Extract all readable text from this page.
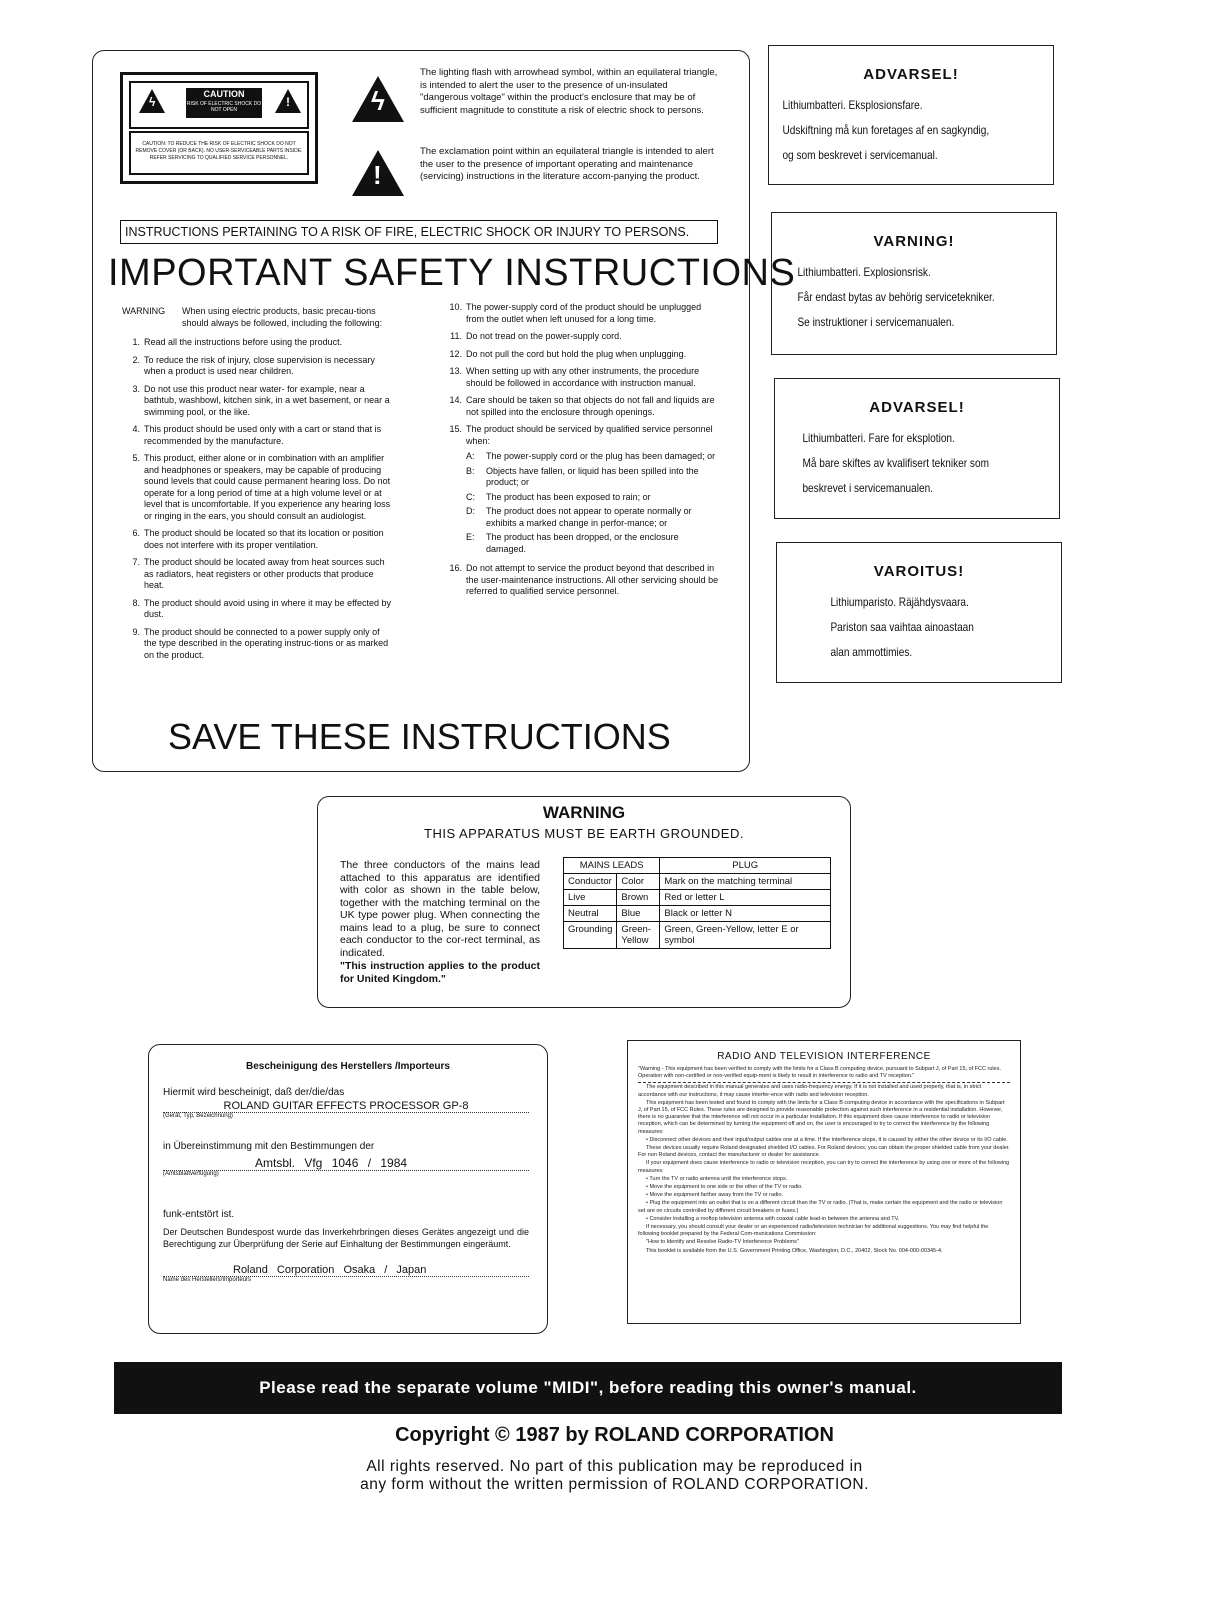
ϟ
CAUTION
RISK OF ELECTRIC SHOCK DO NOT OPEN
!
CAUTION: TO REDUCE THE RISK OF ELECTRIC SHOCK DO NOT REMOVE COVER (OR BACK). NO USER-SERVICEABLE PARTS INSIDE. REFER SERVICING TO QUALIFIED SERVICE PERSONNEL.
ϟ
!
The lighting flash with arrowhead symbol, within an equilateral triangle, is intended to alert the user to the presence of un-insulated "dangerous voltage" within the product's enclosure that may be of sufficient magnitude to constitute a risk of electric shock to persons.
The exclamation point within an equilateral triangle is intended to alert the user to the presence of important operating and maintenance (servicing) instructions in the literature accom-panying the product.
INSTRUCTIONS PERTAINING TO A RISK OF FIRE, ELECTRIC SHOCK OR INJURY TO PERSONS.
IMPORTANT SAFETY INSTRUCTIONS
WARNING When using electric products, basic precau-tions should always be followed, including the following:
1. Read all the instructions before using the product.
2. To reduce the risk of injury, close supervision is necessary when a product is used near children.
3. Do not use this product near water- for example, near a bathtub, washbowl, kitchen sink, in a wet basement, or near a swimming pool, or the like.
4. This product should be used only with a cart or stand that is recommended by the manufacture.
5. This product, either alone or in combination with an amplifier and headphones or speakers, may be capable of producing sound levels that could cause permanent hearing loss. Do not operate for a long period of time at a high volume level or at level that is uncomfortable. If you experience any hearing loss or ringing in the ears, you should consult an audiologist.
6. The product should be located so that its location or position does not interfere with its proper ventilation.
7. The product should be located away from heat sources such as radiators, heat registers or other products that produce heat.
8. The product should avoid using in where it may be effected by dust.
9. The product should be connected to a power supply only of the type described in the operating instruc-tions or as marked on the product.
10. The power-supply cord of the product should be unplugged from the outlet when left unused for a long time.
11. Do not tread on the power-supply cord.
12. Do not pull the cord but hold the plug when unplugging.
13. When setting up with any other instruments, the procedure should be followed in accordance with instruction manual.
14. Care should be taken so that objects do not fall and liquids are not spilled into the enclosure through openings.
15. The product should be serviced by qualified service personnel when:
A: The power-supply cord or the plug has been damaged; or
B: Objects have fallen, or liquid has been spilled into the product; or
C: The product has been exposed to rain; or
D: The product does not appear to operate normally or exhibits a marked change in perfor-mance; or
E: The product has been dropped, or the enclosure damaged.
16. Do not attempt to service the product beyond that described in the user-maintenance instructions. All other servicing should be referred to qualified service personnel.
SAVE THESE INSTRUCTIONS
ADVARSEL!
Lithiumbatteri. Eksplosionsfare.
Udskiftning må kun foretages af en sagkyndig,
og som beskrevet i servicemanual.
VARNING!
Lithiumbatteri. Explosionsrisk.
Får endast bytas av behörig servicetekniker.
Se instruktioner i servicemanualen.
ADVARSEL!
Lithiumbatteri. Fare for eksplotion.
Må bare skiftes av kvalifisert tekniker som
beskrevet i servicemanualen.
VAROITUS!
Lithiumparisto. Räjähdysvaara.
Pariston saa vaihtaa ainoastaan
alan ammottimies.
WARNING
THIS APPARATUS MUST BE EARTH GROUNDED.
The three conductors of the mains lead attached to this apparatus are identified with color as shown in the table below, together with the matching terminal on the UK type power plug. When connecting the mains lead to a plug, be sure to connect each conductor to the cor-rect terminal, as indicated.
"This instruction applies to the product for United Kingdom."
MAINS LEADS		PLUG
Conductor	Color	Mark on the matching terminal
Live	Brown	Red or letter L
Neutral	Blue	Black or letter N
Grounding	Green-Yellow	Green, Green-Yellow, letter E or symbol
Bescheinigung des Herstellers /Importeurs
Hiermit wird bescheinigt, daß der/die/das
ROLAND GUITAR EFFECTS PROCESSOR GP-8
(Gerät, Typ, Bezeichnung)
in Übereinstimmung mit den Bestimmungen der
Amtsbl. Vfg 1046 / 1984
(Amtsblattverfügung)
funk-entstört ist.
Der Deutschen Bundespost wurde das Inverkehrbringen dieses Gerätes angezeigt und die Berechtigung zur Überprüfung der Serie auf Einhaltung der Bestimmungen eingeräumt.
Roland Corporation Osaka / Japan
Name des Herstellers/Importeurs
RADIO AND TELEVISION INTERFERENCE
"Warning - This equipment has been verified to comply with the limits for a Class B computing device, pursuant to Subpart J, of Part 15, of FCC rules. Operation with non-certified or non-verified equip-ment is likely to result in interference to radio and TV reception."
The equipment described in this manual generates and uses radio-frequency energy. If it is not installed and used properly, that is, in strict accordance with our instructions, it may cause interfer-ence with radio and television reception.
This equipment has been tested and found to comply with the limits for a Class B computing device in accordance with the specifications in Subpart J, of Part 15, of FCC Rules. These rules are designed to provide reasonable protection against such interference in a residential installation. However, there is no guarantee that the interference will not occur in a particular installation. If this equipment does cause interference to radio or television reception, which can be determined by turning the equipment off and on, the user is encouraged to try to correct the interference by the following measures:
• Disconnect other devices and their input/output cables one at a time. If the interference stops, it is caused by either the other device or its I/O cable.
These devices usually require Roland designated shielded I/O cables. For Roland devices, you can obtain the proper shielded cable from your dealer. For non Roland devices, contact the manufacturer or dealer for assistance.
If your equipment does cause interference to radio or television reception, you can try to correct the interference by using one or more of the following measures:
• Turn the TV or radio antenna until the interference stops.
• Move the equipment to one side or the other of the TV or radio.
• Move the equipment farther away from the TV or radio.
• Plug the equipment into an outlet that is on a different circuit than the TV or radio. (That is, make certain the equipment and the radio or television set are on circuits controlled by different circuit breakers or fuses.)
• Consider installing a rooftop television antenna with coaxial cable lead-in between the antenna and TV.
If necessary, you should consult your dealer or an experienced radio/television technician for additional suggestions. You may find helpful the following booklet prepared by the Federal Com-munications Commission:
"How to Identify and Resolve Radio-TV Interference Problems"
This booklet is available from the U.S. Government Printing Office, Washington, D.C., 20402, Stock No. 004-000-00345-4.
Please read the separate volume "MIDI", before reading this owner's manual.
Copyright © 1987 by ROLAND CORPORATION
All rights reserved. No part of this publication may be reproduced in
any form without the written permission of ROLAND CORPORATION.
